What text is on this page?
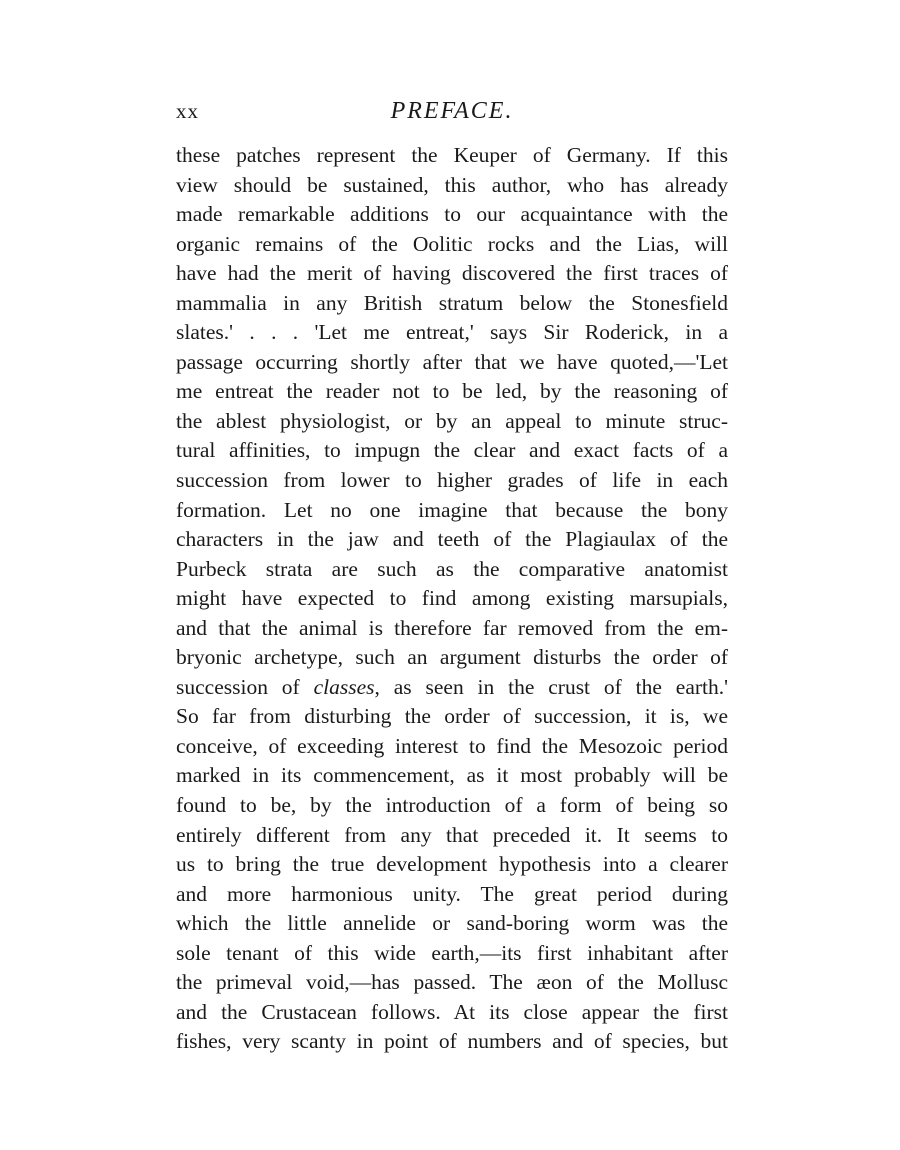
xx	PREFACE.
these patches represent the Keuper of Germany. If this
view should be sustained, this author, who has already
made remarkable additions to our acquaintance with the
organic remains of the Oolitic rocks and the Lias, will
have had the merit of having discovered the first traces of
mammalia in any British stratum below the Stonesfield
slates.' . . . 'Let me entreat,' says Sir Roderick, in a
passage occurring shortly after that we have quoted,—'Let
me entreat the reader not to be led, by the reasoning of
the ablest physiologist, or by an appeal to minute struc-
tural affinities, to impugn the clear and exact facts of a
succession from lower to higher grades of life in each
formation. Let no one imagine that because the bony
characters in the jaw and teeth of the Plagiaulax of the
Purbeck strata are such as the comparative anatomist
might have expected to find among existing marsupials,
and that the animal is therefore far removed from the em-
bryonic archetype, such an argument disturbs the order of
succession of classes, as seen in the crust of the earth.'
So far from disturbing the order of succession, it is, we
conceive, of exceeding interest to find the Mesozoic period
marked in its commencement, as it most probably will be
found to be, by the introduction of a form of being so
entirely different from any that preceded it. It seems to
us to bring the true development hypothesis into a clearer
and more harmonious unity. The great period during
which the little annelide or sand-boring worm was the
sole tenant of this wide earth,—its first inhabitant after
the primeval void,—has passed. The æon of the Mollusc
and the Crustacean follows. At its close appear the first
fishes, very scanty in point of numbers and of species, but
